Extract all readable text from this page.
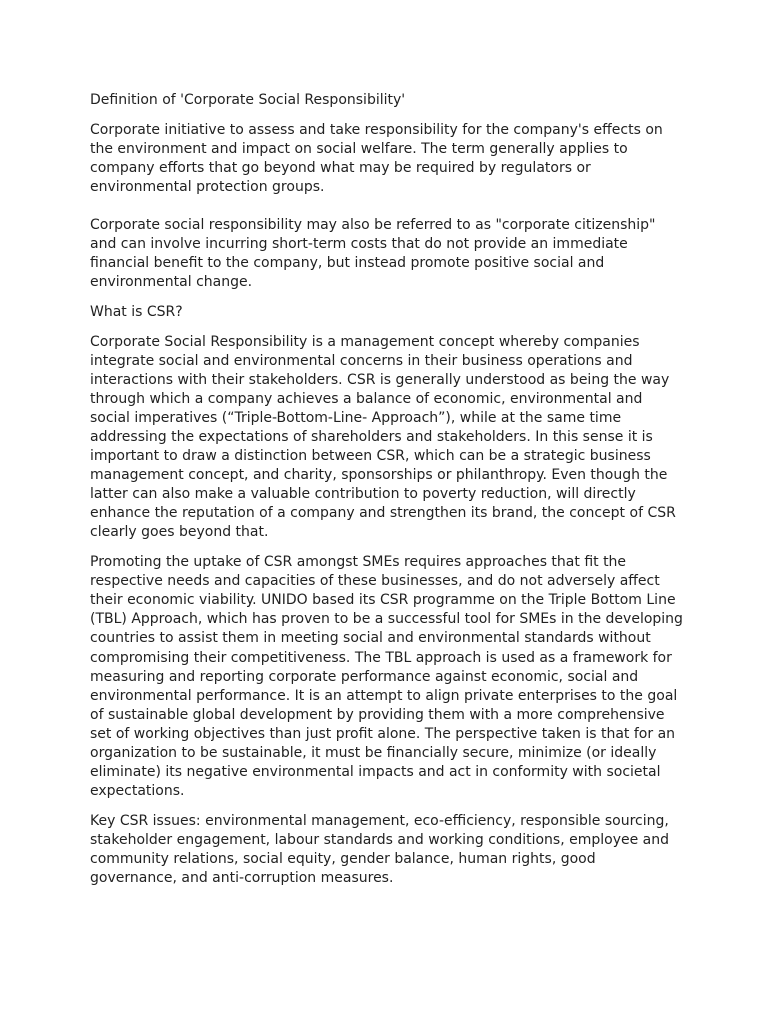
Definition of 'Corporate Social Responsibility'

Corporate initiative to assess and take responsibility for the company's effects on
the environment and impact on social welfare. The term generally applies to
company efforts that go beyond what may be required by regulators or
environmental protection groups.

Corporate social responsibility may also be referred to as "corporate citizenship"
and can involve incurring short-term costs that do not provide an immediate
financial benefit to the company, but instead promote positive social and
environmental change.

What is CSR?

Corporate Social Responsibility is a management concept whereby companies
integrate social and environmental concerns in their business operations and
interactions with their stakeholders. CSR is generally understood as being the way
through which a company achieves a balance of economic, environmental and
social imperatives (“Triple-Bottom-Line- Approach”), while at the same time
addressing the expectations of shareholders and stakeholders. In this sense it is
important to draw a distinction between CSR, which can be a strategic business
management concept, and charity, sponsorships or philanthropy. Even though the
latter can also make a valuable contribution to poverty reduction, will directly
enhance the reputation of a company and strengthen its brand, the concept of CSR
clearly goes beyond that.

Promoting the uptake of CSR amongst SMEs requires approaches that fit the
respective needs and capacities of these businesses, and do not adversely affect
their economic viability. UNIDO based its CSR programme on the Triple Bottom Line
(TBL) Approach, which has proven to be a successful tool for SMEs in the developing
countries to assist them in meeting social and environmental standards without
compromising their competitiveness. The TBL approach is used as a framework for
measuring and reporting corporate performance against economic, social and
environmental performance. It is an attempt to align private enterprises to the goal
of sustainable global development by providing them with a more comprehensive
set of working objectives than just profit alone. The perspective taken is that for an
organization to be sustainable, it must be financially secure, minimize (or ideally
eliminate) its negative environmental impacts and act in conformity with societal
expectations.

Key CSR issues: environmental management, eco-efficiency, responsible sourcing,
stakeholder engagement, labour standards and working conditions, employee and
community relations, social equity, gender balance, human rights, good
governance, and anti-corruption measures.
